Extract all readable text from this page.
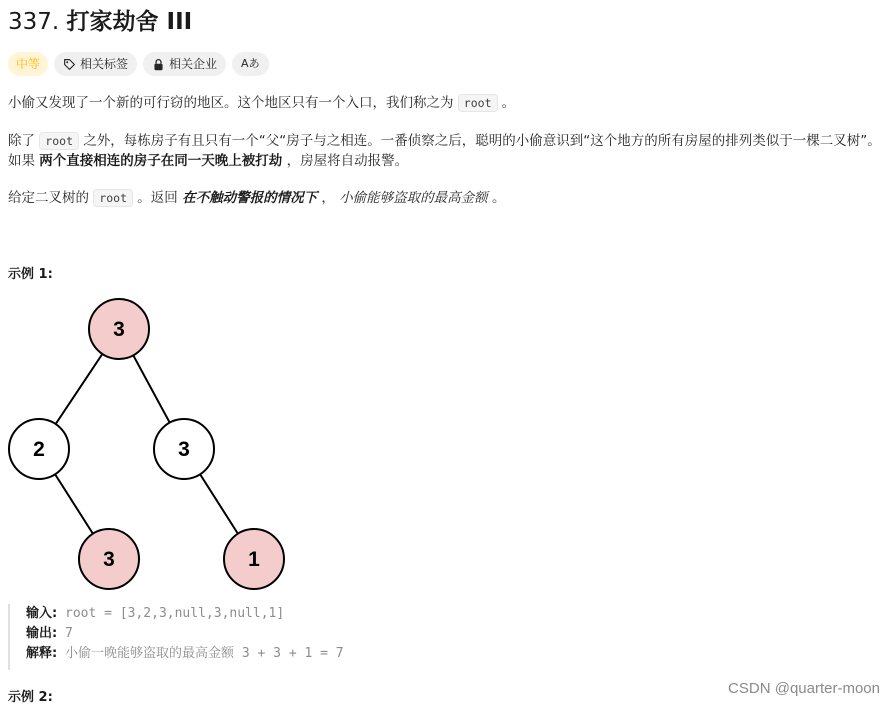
337. 打家劫舍 III
中等	相关标签	相关企业 Aあ
小偷又发现了一个新的可行窃的地区。这个地区只有一个入口，我们称之为 root 。
除了 root 之外，每栋房子有且只有一个“父“房子与之相连。一番侦察之后，聪明的小偷意识到“这个地方的所有房屋的排列类似于一棵二叉树”。
如果 两个直接相连的房子在同一天晚上被打劫 ，房屋将自动报警。
给定二叉树的 root 。返回 在不触动警报的情况下 ， 小偷能够盗取的最高金额 。
示例 1:
3
2	3
3	1
输入: root = [3,2,3,null,3,null,1]
输出: 7
解释: 小偷一晚能够盗取的最高金额 3 + 3 + 1 = 7
示例 2:
CSDN @quarter-moon
